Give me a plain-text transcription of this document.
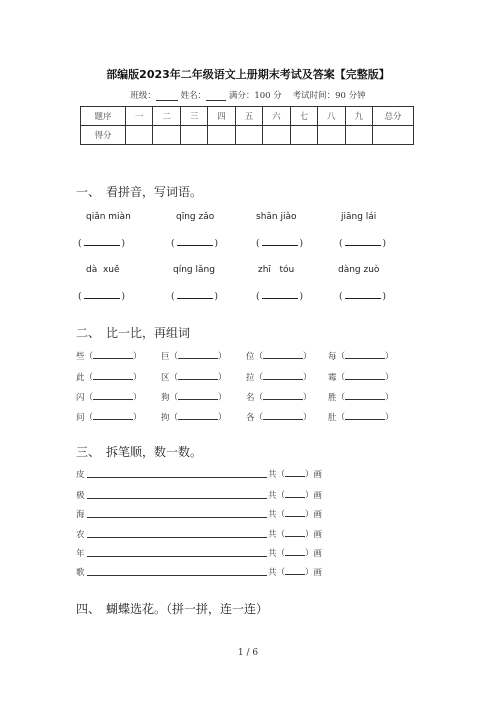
部编版2023年二年级语文上册期末考试及答案【完整版】
班级：	姓名：	满分：100 分 考试时间：90 分钟
题序	一	二	三	四	五	六	七	八	九	总分
得分										
一、　看拼音，写词语。
qiǎn miàn	qīng zǎo	shān jiǎo	jiāng lái
(	)	(	)	(	)	(	)
dà  xuě	qíng lǎng	zhī   tóu	dàng zuò
(	)	(	)	(	)	(	)
二、　比一比，再组词
些（	） 巨（	） 位（	） 每（	）
此（	） 区（	） 拉（	） 霉（	）
闪（	） 狗（	） 名（	） 胜（	）
问（	） 拘（	） 各（	） 肚（	）
三、　拆笔顺，数一数。
皮	共（ ）画
极	共（ ）画
海	共（ ）画
农	共（ ）画
年	共（ ）画
歌	共（ ）画
四、　蝴蝶选花。（拼一拼，连一连）
1 / 6
